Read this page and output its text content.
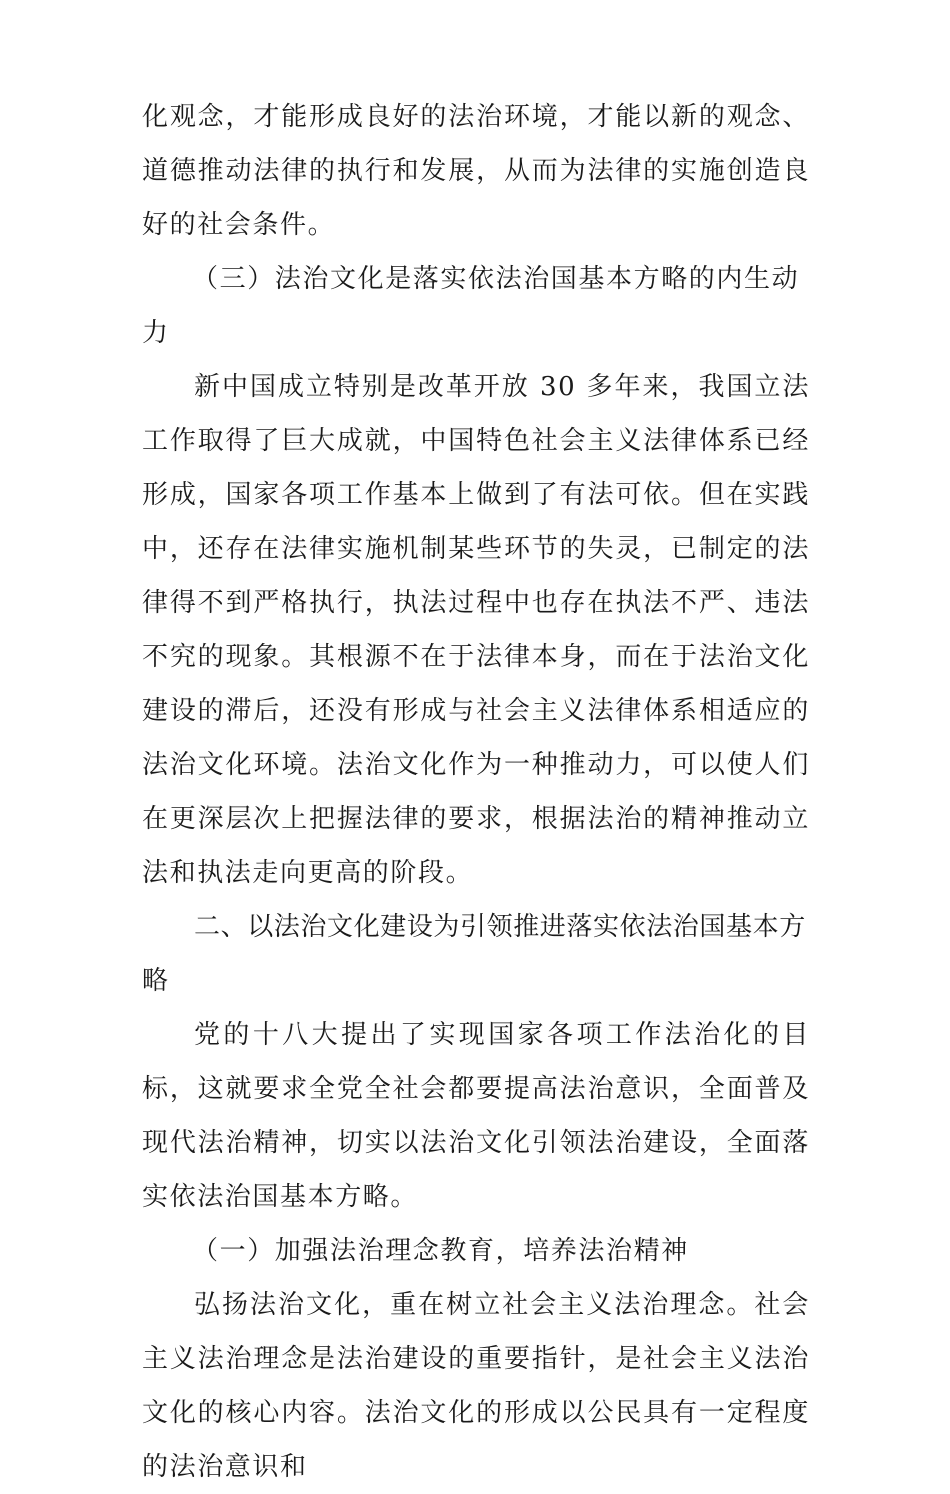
化观念，才能形成良好的法治环境，才能以新的观念、道德推动法律的执行和发展，从而为法律的实施创造良好的社会条件。

（三）法治文化是落实依法治国基本方略的内生动力

新中国成立特别是改革开放 30 多年来，我国立法工作取得了巨大成就，中国特色社会主义法律体系已经形成，国家各项工作基本上做到了有法可依。但在实践中，还存在法律实施机制某些环节的失灵，已制定的法律得不到严格执行，执法过程中也存在执法不严、违法不究的现象。其根源不在于法律本身，而在于法治文化建设的滞后，还没有形成与社会主义法律体系相适应的法治文化环境。法治文化作为一种推动力，可以使人们在更深层次上把握法律的要求，根据法治的精神推动立法和执法走向更高的阶段。

二、以法治文化建设为引领推进落实依法治国基本方略

党的十八大提出了实现国家各项工作法治化的目标，这就要求全党全社会都要提高法治意识，全面普及现代法治精神，切实以法治文化引领法治建设，全面落实依法治国基本方略。

（一）加强法治理念教育，培养法治精神

弘扬法治文化，重在树立社会主义法治理念。社会主义法治理念是法治建设的重要指针，是社会主义法治文化的核心内容。法治文化的形成以公民具有一定程度的法治意识和
